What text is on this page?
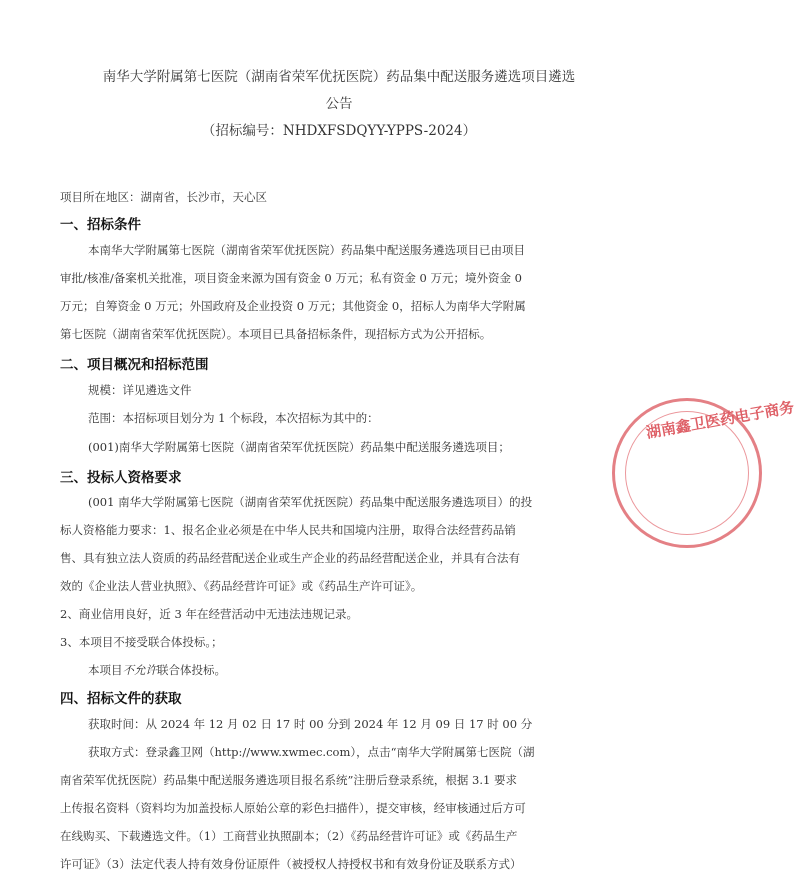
南华大学附属第七医院（湖南省荣军优抚医院）药品集中配送服务遴选项目遴选
公告
（招标编号：NHDXFSDQYY-YPPS-2024）
项目所在地区：湖南省，长沙市，天心区
一、招标条件
本南华大学附属第七医院（湖南省荣军优抚医院）药品集中配送服务遴选项目已由项目
审批/核准/备案机关批准，项目资金来源为国有资金 0 万元；私有资金 0 万元；境外资金 0
万元；自筹资金 0 万元；外国政府及企业投资 0 万元；其他资金 0，招标人为南华大学附属
第七医院（湖南省荣军优抚医院）。本项目已具备招标条件，现招标方式为公开招标。
二、项目概况和招标范围
规模：详见遴选文件
范围：本招标项目划分为 1 个标段，本次招标为其中的：
(001)南华大学附属第七医院（湖南省荣军优抚医院）药品集中配送服务遴选项目；
三、投标人资格要求
(001 南华大学附属第七医院（湖南省荣军优抚医院）药品集中配送服务遴选项目）的投
标人资格能力要求：1、报名企业必须是在中华人民共和国境内注册，取得合法经营药品销
售、具有独立法人资质的药品经营配送企业或生产企业的药品经营配送企业，并具有合法有
效的《企业法人营业执照》、《药品经营许可证》或《药品生产许可证》。
2、商业信用良好，近 3 年在经营活动中无违法违规记录。
3、本项目不接受联合体投标。；
本项目不允许联合体投标。
四、招标文件的获取
获取时间：从 2024 年 12 月 02 日 17 时 00 分到 2024 年 12 月 09 日 17 时 00 分
获取方式：登录鑫卫网（http://www.xwmec.com），点击“南华大学附属第七医院（湖
南省荣军优抚医院）药品集中配送服务遴选项目报名系统”注册后登录系统，根据 3.1 要求
上传报名资料（资料均为加盖投标人原始公章的彩色扫描件），提交审核，经审核通过后方可
在线购买、下载遴选文件。（1）工商营业执照副本；（2）《药品经营许可证》或《药品生产
许可证》（3）法定代表人持有效身份证原件（被授权人持授权书和有效身份证及联系方式）
湖南鑫卫医药电子商务
